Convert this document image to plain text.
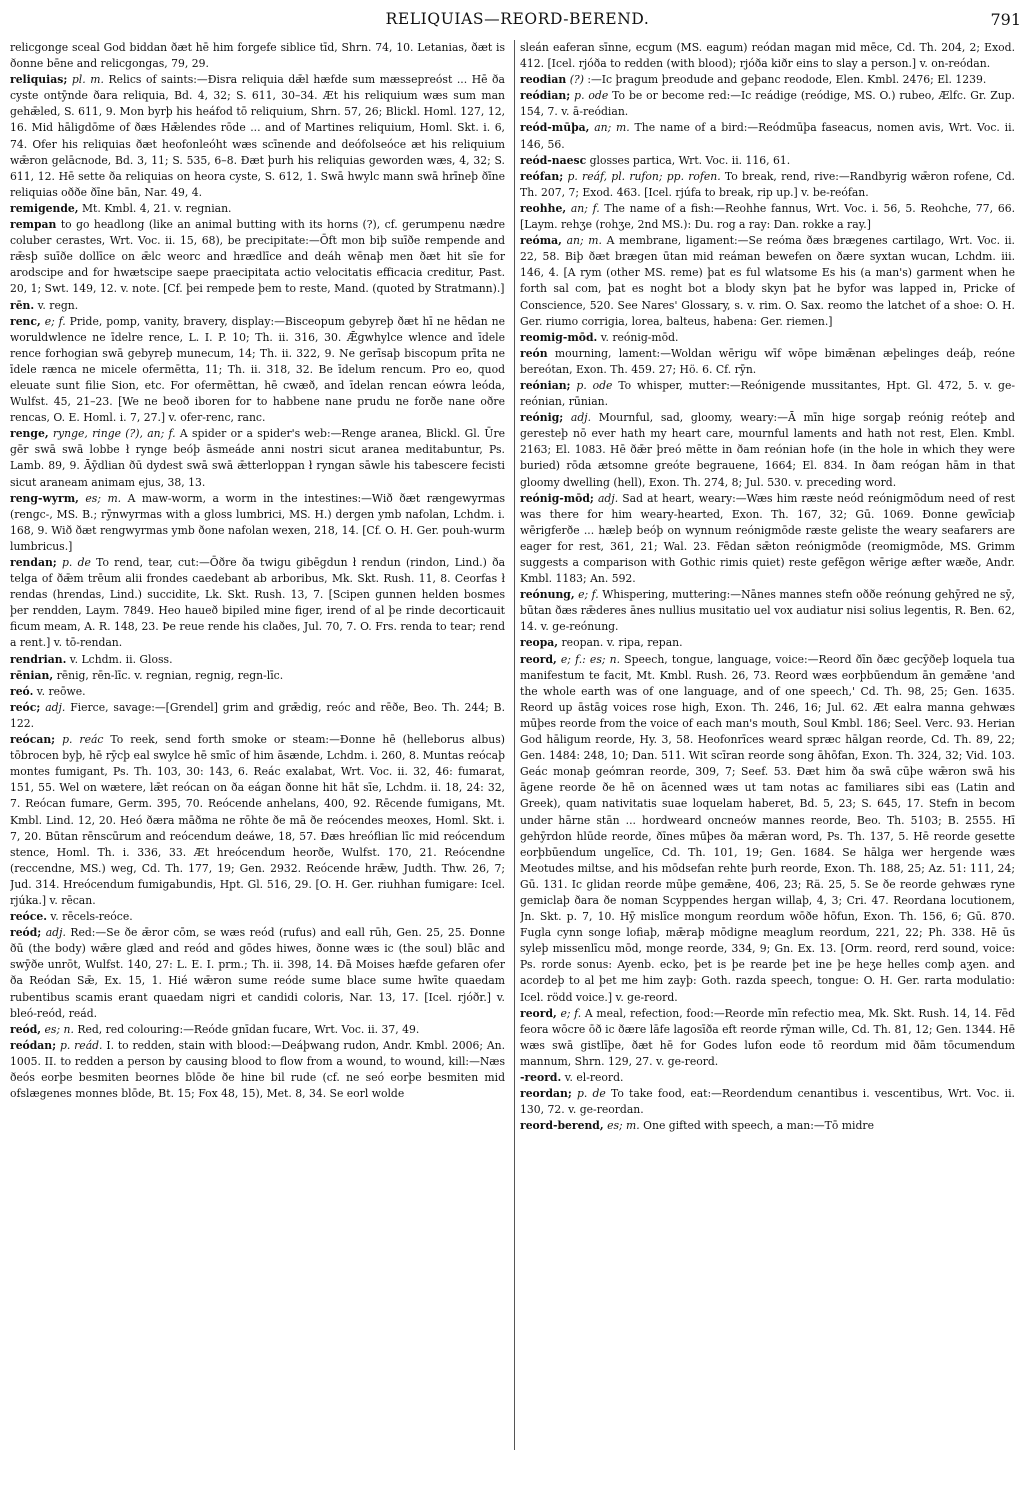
RELIQUIAS—REORD-BEREND.	791

relicgonge sceal God biddan ðæt hē him forgefe siblice tīd, Shrn. 74, 10. Letanias, ðæt is ðonne bēne and relicgongas, 79, 29.

reliquias; pl. m. Relics of saints:—Ðisra reliquia dǣl hæfde sum mæssepreóst ... Hē ða cyste ontȳnde ðara reliquia, Bd. 4, 32; S. 611, 30–34. Æt his reliquium wæs sum man gehǣled, S. 611, 9. Mon byrþ his heáfod tō reliquium, Shrn. 57, 26; Blickl. Homl. 127, 12, 16. Mid hāligdōme of ðæs Hǣlendes rōde ... and of Martines reliquium, Homl. Skt. i. 6, 74. Ofer his reliquias ðæt heofonleóht wæs scīnende and deófolseóce æt his reliquium wǣron gelācnode, Bd. 3, 11; S. 535, 6–8. Ðæt þurh his reliquias geworden wæs, 4, 32; S. 611, 12. Hē sette ða reliquias on heora cyste, S. 612, 1. Swā hwylc mann swā hrīneþ ðīne reliquias oððe ðīne bān, Nar. 49, 4.

remigende, Mt. Kmbl. 4, 21. v. regnian.

rempan to go headlong (like an animal butting with its horns (?), cf. gerumpenu nædre coluber cerastes, Wrt. Voc. ii. 15, 68), be precipitate:—Ōft mon biþ suīðe rempende and rǣsþ suīðe dollīce on ǣlc weorc and hrædlīce and deáh wēnaþ men ðæt hit sīe for arodscipe and for hwætscipe saepe praecipitata actio velocitatis efficacia creditur, Past. 20, 1; Swt. 149, 12. v. note. [Cf. þei rempede þem to reste, Mand. (quoted by Stratmann).]

rēn. v. regn.

renc, e; f. Pride, pomp, vanity, bravery, display:—Bisceopum gebyreþ ðæt hī ne hēdan ne woruldwlence ne īdelre rence, L. I. P. 10; Th. ii. 316, 30. Ǣgwhylce wlence and īdele rence forhogian swā gebyreþ munecum, 14; Th. ii. 322, 9. Ne gerīsaþ biscopum prīta ne īdele rænca ne micele ofermētta, 11; Th. ii. 318, 32. Be īdelum rencum. Pro eo, quod eleuate sunt filie Sion, etc. For ofermēttan, hē cwæð, and īdelan rencan eówra leóda, Wulfst. 45, 21–23. [We ne beoð iboren for to habbene nane prudu ne forðe nane oðre rencas, O. E. Homl. i. 7, 27.] v. ofer-renc, ranc.

renge, rynge, ringe (?), an; f. A spider or a spider's web:—Renge aranea, Blickl. Gl. Ūre gēr swā swā lobbe ł rynge beóþ āsmeáde anni nostri sicut aranea meditabuntur, Ps. Lamb. 89, 9. Āȳdlian ðū dydest swā swā ǣtterloppan ł ryngan sāwle his tabescere fecisti sicut araneam animam ejus, 38, 13.

reng-wyrm, es; m. A maw-worm, a worm in the intestines:—Wið ðæt rængewyrmas (rengc-, MS. B.; rȳnwyrmas with a gloss lumbrici, MS. H.) dergen ymb nafolan, Lchdm. i. 168, 9. Wið ðæt rengwyrmas ymb ðone nafolan wexen, 218, 14. [Cf. O. H. Ger. pouh-wurm lumbricus.]

rendan; p. de To rend, tear, cut:—Ōðre ða twigu gibēgdun ł rendun (rindon, Lind.) ða telga of ðǣm trēum alii frondes caedebant ab arboribus, Mk. Skt. Rush. 11, 8. Ceorfas ł rendas (hrendas, Lind.) succidite, Lk. Skt. Rush. 13, 7. [Scipen gunnen helden bosmes þer rendden, Laym. 7849. Heo haueð bipiled mine figer, irend of al þe rinde decorticauit ficum meam, A. R. 148, 23. Þe reue rende his claðes, Jul. 70, 7. O. Frs. renda to tear; rend a rent.] v. tō-rendan.

rendrian. v. Lchdm. ii. Gloss.

rēnian, rēnig, rēn-līc. v. regnian, regnig, regn-līc.

reó. v. reōwe.

reóc; adj. Fierce, savage:—[Grendel] grim and grǣdig, reóc and rēðe, Beo. Th. 244; B. 122.

reócan; p. reác To reek, send forth smoke or steam:—Ðonne hē (helleborus albus) tōbrocen byþ, hē rȳcþ eal swylce hē smīc of him āsænde, Lchdm. i. 260, 8. Muntas reócaþ montes fumigant, Ps. Th. 103, 30: 143, 6. Reác exalabat, Wrt. Voc. ii. 32, 46: fumarat, 151, 55. Wel on wætere, lǣt reócan on ða eágan ðonne hit hāt sīe, Lchdm. ii. 18, 24: 32, 7. Reócan fumare, Germ. 395, 70. Reócende anhelans, 400, 92. Rēcende fumigans, Mt. Kmbl. Lind. 12, 20. Heó ðæra māðma ne rōhte ðe mā ðe reócendes meoxes, Homl. Skt. i. 7, 20. Būtan rēnscūrum and reócendum deáwe, 18, 57. Ðæs hreóflian līc mid reócendum stence, Homl. Th. i. 336, 33. Æt hreócendum heorðe, Wulfst. 170, 21. Reócendne (reccendne, MS.) weg, Cd. Th. 177, 19; Gen. 2932. Reócende hrǣw, Judth. Thw. 26, 7; Jud. 314. Hreócendum fumigabundis, Hpt. Gl. 516, 29. [O. H. Ger. riuhhan fumigare: Icel. rjúka.] v. rēcan.

reóce. v. rēcels-reóce.

reód; adj. Red:—Se ðe ǣror cōm, se wæs reód (rufus) and eall rūh, Gen. 25, 25. Ðonne ðū (the body) wǣre glæd and reód and gōdes hiwes, ðonne wæs ic (the soul) blāc and swȳðe unrōt, Wulfst. 140, 27: L. E. I. prm.; Th. ii. 398, 14. Ðā Moises hæfde gefaren ofer ða Reódan Sǣ, Ex. 15, 1. Hié wǣron sume reóde sume blace sume hwīte quaedam rubentibus scamis erant quaedam nigri et candidi coloris, Nar. 13, 17. [Icel. rjóðr.] v. bleó-reód, reád.

reód, es; n. Red, red colouring:—Reóde gnīdan fucare, Wrt. Voc. ii. 37, 49.

reódan; p. reád. I. to redden, stain with blood:—Deáþwang rudon, Andr. Kmbl. 2006; An. 1005. II. to redden a person by causing blood to flow from a wound, to wound, kill:—Næs ðeós eorþe besmiten beornes blōde ðe hine bil rude (cf. ne seó eorþe besmiten mid ofslægenes monnes blōde, Bt. 15; Fox 48, 15), Met. 8, 34. Se eorl wolde

sleán eaferan sīnne, ecgum (MS. eagum) reódan magan mid mēce, Cd. Th. 204, 2; Exod. 412. [Icel. rjóða to redden (with blood); rjóða kiðr eins to slay a person.] v. on-reódan.

reodian (?) :—Ic þragum þreodude and geþanc reodode, Elen. Kmbl. 2476; El. 1239.

reódian; p. ode To be or become red:—Ic reádige (reódige, MS. O.) rubeo, Ælfc. Gr. Zup. 154, 7. v. ā-reódian.

reód-mūþa, an; m. The name of a bird:—Reódmūþa faseacus, nomen avis, Wrt. Voc. ii. 146, 56.

reód-naesc glosses partica, Wrt. Voc. ii. 116, 61.

reófan; p. reáf, pl. rufon; pp. rofen. To break, rend, rive:—Randbyrig wǣron rofene, Cd. Th. 207, 7; Exod. 463. [Icel. rjúfa to break, rip up.] v. be-reófan.

reohhe, an; f. The name of a fish:—Reohhe fannus, Wrt. Voc. i. 56, 5. Reohche, 77, 66. [Laym. rehʒe (rohʒe, 2nd MS.): Du. rog a ray: Dan. rokke a ray.]

reóma, an; m. A membrane, ligament:—Se reóma ðæs brægenes cartilago, Wrt. Voc. ii. 22, 58. Biþ ðæt brægen ūtan mid reáman bewefen on ðære syxtan wucan, Lchdm. iii. 146, 4. [A rym (other MS. reme) þat es ful wlatsome Es his (a man's) garment when he forth sal com, þat es noght bot a blody skyn þat he byfor was lapped in, Pricke of Conscience, 520. See Nares' Glossary, s. v. rim. O. Sax. reomo the latchet of a shoe: O. H. Ger. riumo corrigia, lorea, balteus, habena: Ger. riemen.]

reomig-mōd. v. reónig-mōd.

reón mourning, lament:—Woldan wērigu wīf wōpe bimǣnan æþelinges deáþ, reóne bereótan, Exon. Th. 459. 27; Hö. 6. Cf. rȳn.

reónian; p. ode To whisper, mutter:—Reónigende mussitantes, Hpt. Gl. 472, 5. v. ge-reónian, rūnian.

reónig; adj. Mournful, sad, gloomy, weary:—Ā mīn hige sorgaþ reónig reóteþ and geresteþ nō ever hath my heart care, mournful laments and hath not rest, Elen. Kmbl. 2163; El. 1083. Hē ðǣr þreó mētte in ðam reónian hofe (in the hole in which they were buried) rōda ætsomne greóte begrauene, 1664; El. 834. In ðam reógan hām in that gloomy dwelling (hell), Exon. Th. 274, 8; Jul. 530. v. preceding word.

reónig-mōd; adj. Sad at heart, weary:—Wæs him ræste neód reónigmōdum need of rest was there for him weary-hearted, Exon. Th. 167, 32; Gū. 1069. Ðonne gewīciaþ wērigferðe ... hæleþ beóþ on wynnum reónigmōde ræste geliste the weary seafarers are eager for rest, 361, 21; Wal. 23. Fēdan sǣton reónigmōde (reomigmōde, MS. Grimm suggests a comparison with Gothic rimis quiet) reste gefēgon wērige æfter wæðe, Andr. Kmbl. 1183; An. 592.

reónung, e; f. Whispering, muttering:—Nānes mannes stefn oððe reónung gehȳred ne sȳ, būtan ðæs rǣderes ānes nullius musitatio uel vox audiatur nisi solius legentis, R. Ben. 62, 14. v. ge-reónung.

reopa, reopan. v. ripa, repan.

reord, e; f.: es; n. Speech, tongue, language, voice:—Reord ðīn ðæc gecȳðeþ loquela tua manifestum te facit, Mt. Kmbl. Rush. 26, 73. Reord wæs eorþbūendum ān gemǣne 'and the whole earth was of one language, and of one speech,' Cd. Th. 98, 25; Gen. 1635. Reord up āstāg voices rose high, Exon. Th. 246, 16; Jul. 62. Æt ealra manna gehwæs mūþes reorde from the voice of each man's mouth, Soul Kmbl. 186; Seel. Verc. 93. Herian God hāligum reorde, Hy. 3, 58. Heofonrīces weard spræc hālgan reorde, Cd. Th. 89, 22; Gen. 1484: 248, 10; Dan. 511. Wit scīran reorde song āhōfan, Exon. Th. 324, 32; Vid. 103. Geác monaþ geómran reorde, 309, 7; Seef. 53. Ðæt him ða swā cūþe wǣron swā his āgene reorde ðe hē on ācenned wæs ut tam notas ac familiares sibi eas (Latin and Greek), quam nativitatis suae loquelam haberet, Bd. 5, 23; S. 645, 17. Stefn in becom under hārne stān ... hordweard oncneów mannes reorde, Beo. Th. 5103; B. 2555. Hī gehȳrdon hlūde reorde, ðīnes mūþes ða mǣran word, Ps. Th. 137, 5. Hē reorde gesette eorþbūendum ungelīce, Cd. Th. 101, 19; Gen. 1684. Se hālga wer hergende wæs Meotudes miltse, and his mōdsefan rehte þurh reorde, Exon. Th. 188, 25; Az. 51: 111, 24; Gū. 131. Ic glidan reorde mūþe gemǣne, 406, 23; Rä. 25, 5. Se ðe reorde gehwæs ryne gemiclaþ ðara ðe noman Scyppendes hergan willaþ, 4, 3; Cri. 47. Reordana locutionem, Jn. Skt. p. 7, 10. Hȳ mislīce mongum reordum wōðe hōfun, Exon. Th. 156, 6; Gū. 870. Fugla cynn songe lofiaþ, mǣraþ mōdigne meaglum reordum, 221, 22; Ph. 338. Hē ūs syleþ missenlīcu mōd, monge reorde, 334, 9; Gn. Ex. 13. [Orm. reord, rerd sound, voice: Ps. rorde sonus: Ayenb. ecko, þet is þe rearde þet ine þe heʒe helles comþ aʒen. and acordeþ to al þet me him zayþ: Goth. razda speech, tongue: O. H. Ger. rarta modulatio: Icel. rödd voice.] v. ge-reord.

reord, e; f. A meal, refection, food:—Reorde mīn refectio mea, Mk. Skt. Rush. 14, 14. Fēd feora wōcre ōð ic ðære lāfe lagosīða eft reorde rȳman wille, Cd. Th. 81, 12; Gen. 1344. Hē wæs swā gistlīþe, ðæt hē for Godes lufon eode tō reordum mid ðām tōcumendum mannum, Shrn. 129, 27. v. ge-reord.

-reord. v. el-reord.

reordan; p. de To take food, eat:—Reordendum cenantibus i. vescentibus, Wrt. Voc. ii. 130, 72. v. ge-reordan.

reord-berend, es; m. One gifted with speech, a man:—Tō midre
